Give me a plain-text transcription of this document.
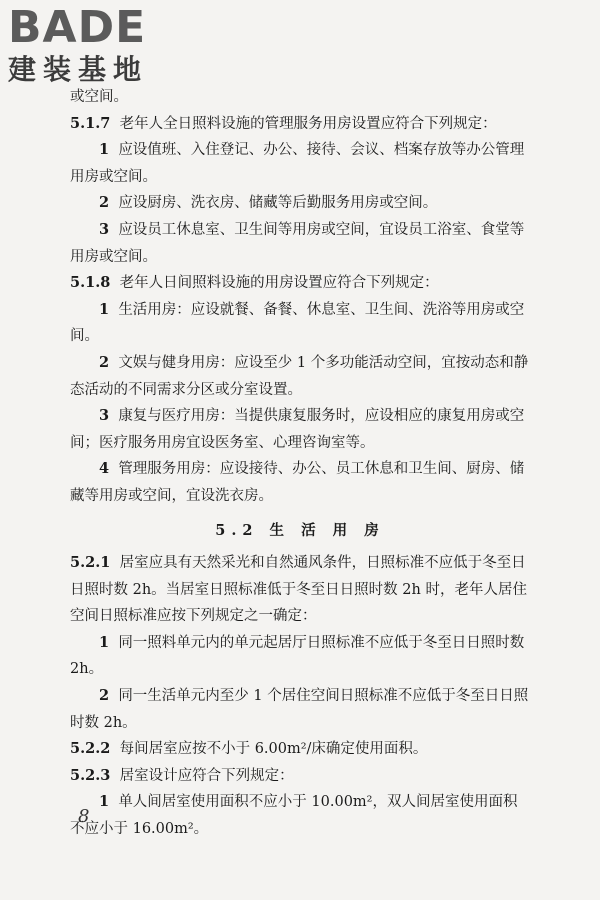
BADE
建装基地

或空间。

5.1.7 老年人全日照料设施的管理服务用房设置应符合下列规定：

1 应设值班、入住登记、办公、接待、会议、档案存放等办公管理用房或空间。

2 应设厨房、洗衣房、储藏等后勤服务用房或空间。

3 应设员工休息室、卫生间等用房或空间，宜设员工浴室、食堂等用房或空间。

5.1.8 老年人日间照料设施的用房设置应符合下列规定：

1 生活用房：应设就餐、备餐、休息室、卫生间、洗浴等用房或空间。

2 文娱与健身用房：应设至少 1 个多功能活动空间，宜按动态和静态活动的不同需求分区或分室设置。

3 康复与医疗用房：当提供康复服务时，应设相应的康复用房或空间；医疗服务用房宜设医务室、心理咨询室等。

4 管理服务用房：应设接待、办公、员工休息和卫生间、厨房、储藏等用房或空间，宜设洗衣房。

5.2 生 活 用 房

5.2.1 居室应具有天然采光和自然通风条件，日照标准不应低于冬至日日照时数 2h。当居室日照标准低于冬至日日照时数 2h 时，老年人居住空间日照标准应按下列规定之一确定：

1 同一照料单元内的单元起居厅日照标准不应低于冬至日日照时数 2h。

2 同一生活单元内至少 1 个居住空间日照标准不应低于冬至日日照时数 2h。

5.2.2 每间居室应按不小于 6.00m²/床确定使用面积。

5.2.3 居室设计应符合下列规定：

1 单人间居室使用面积不应小于 10.00m²，双人间居室使用面积不应小于 16.00m²。

8
